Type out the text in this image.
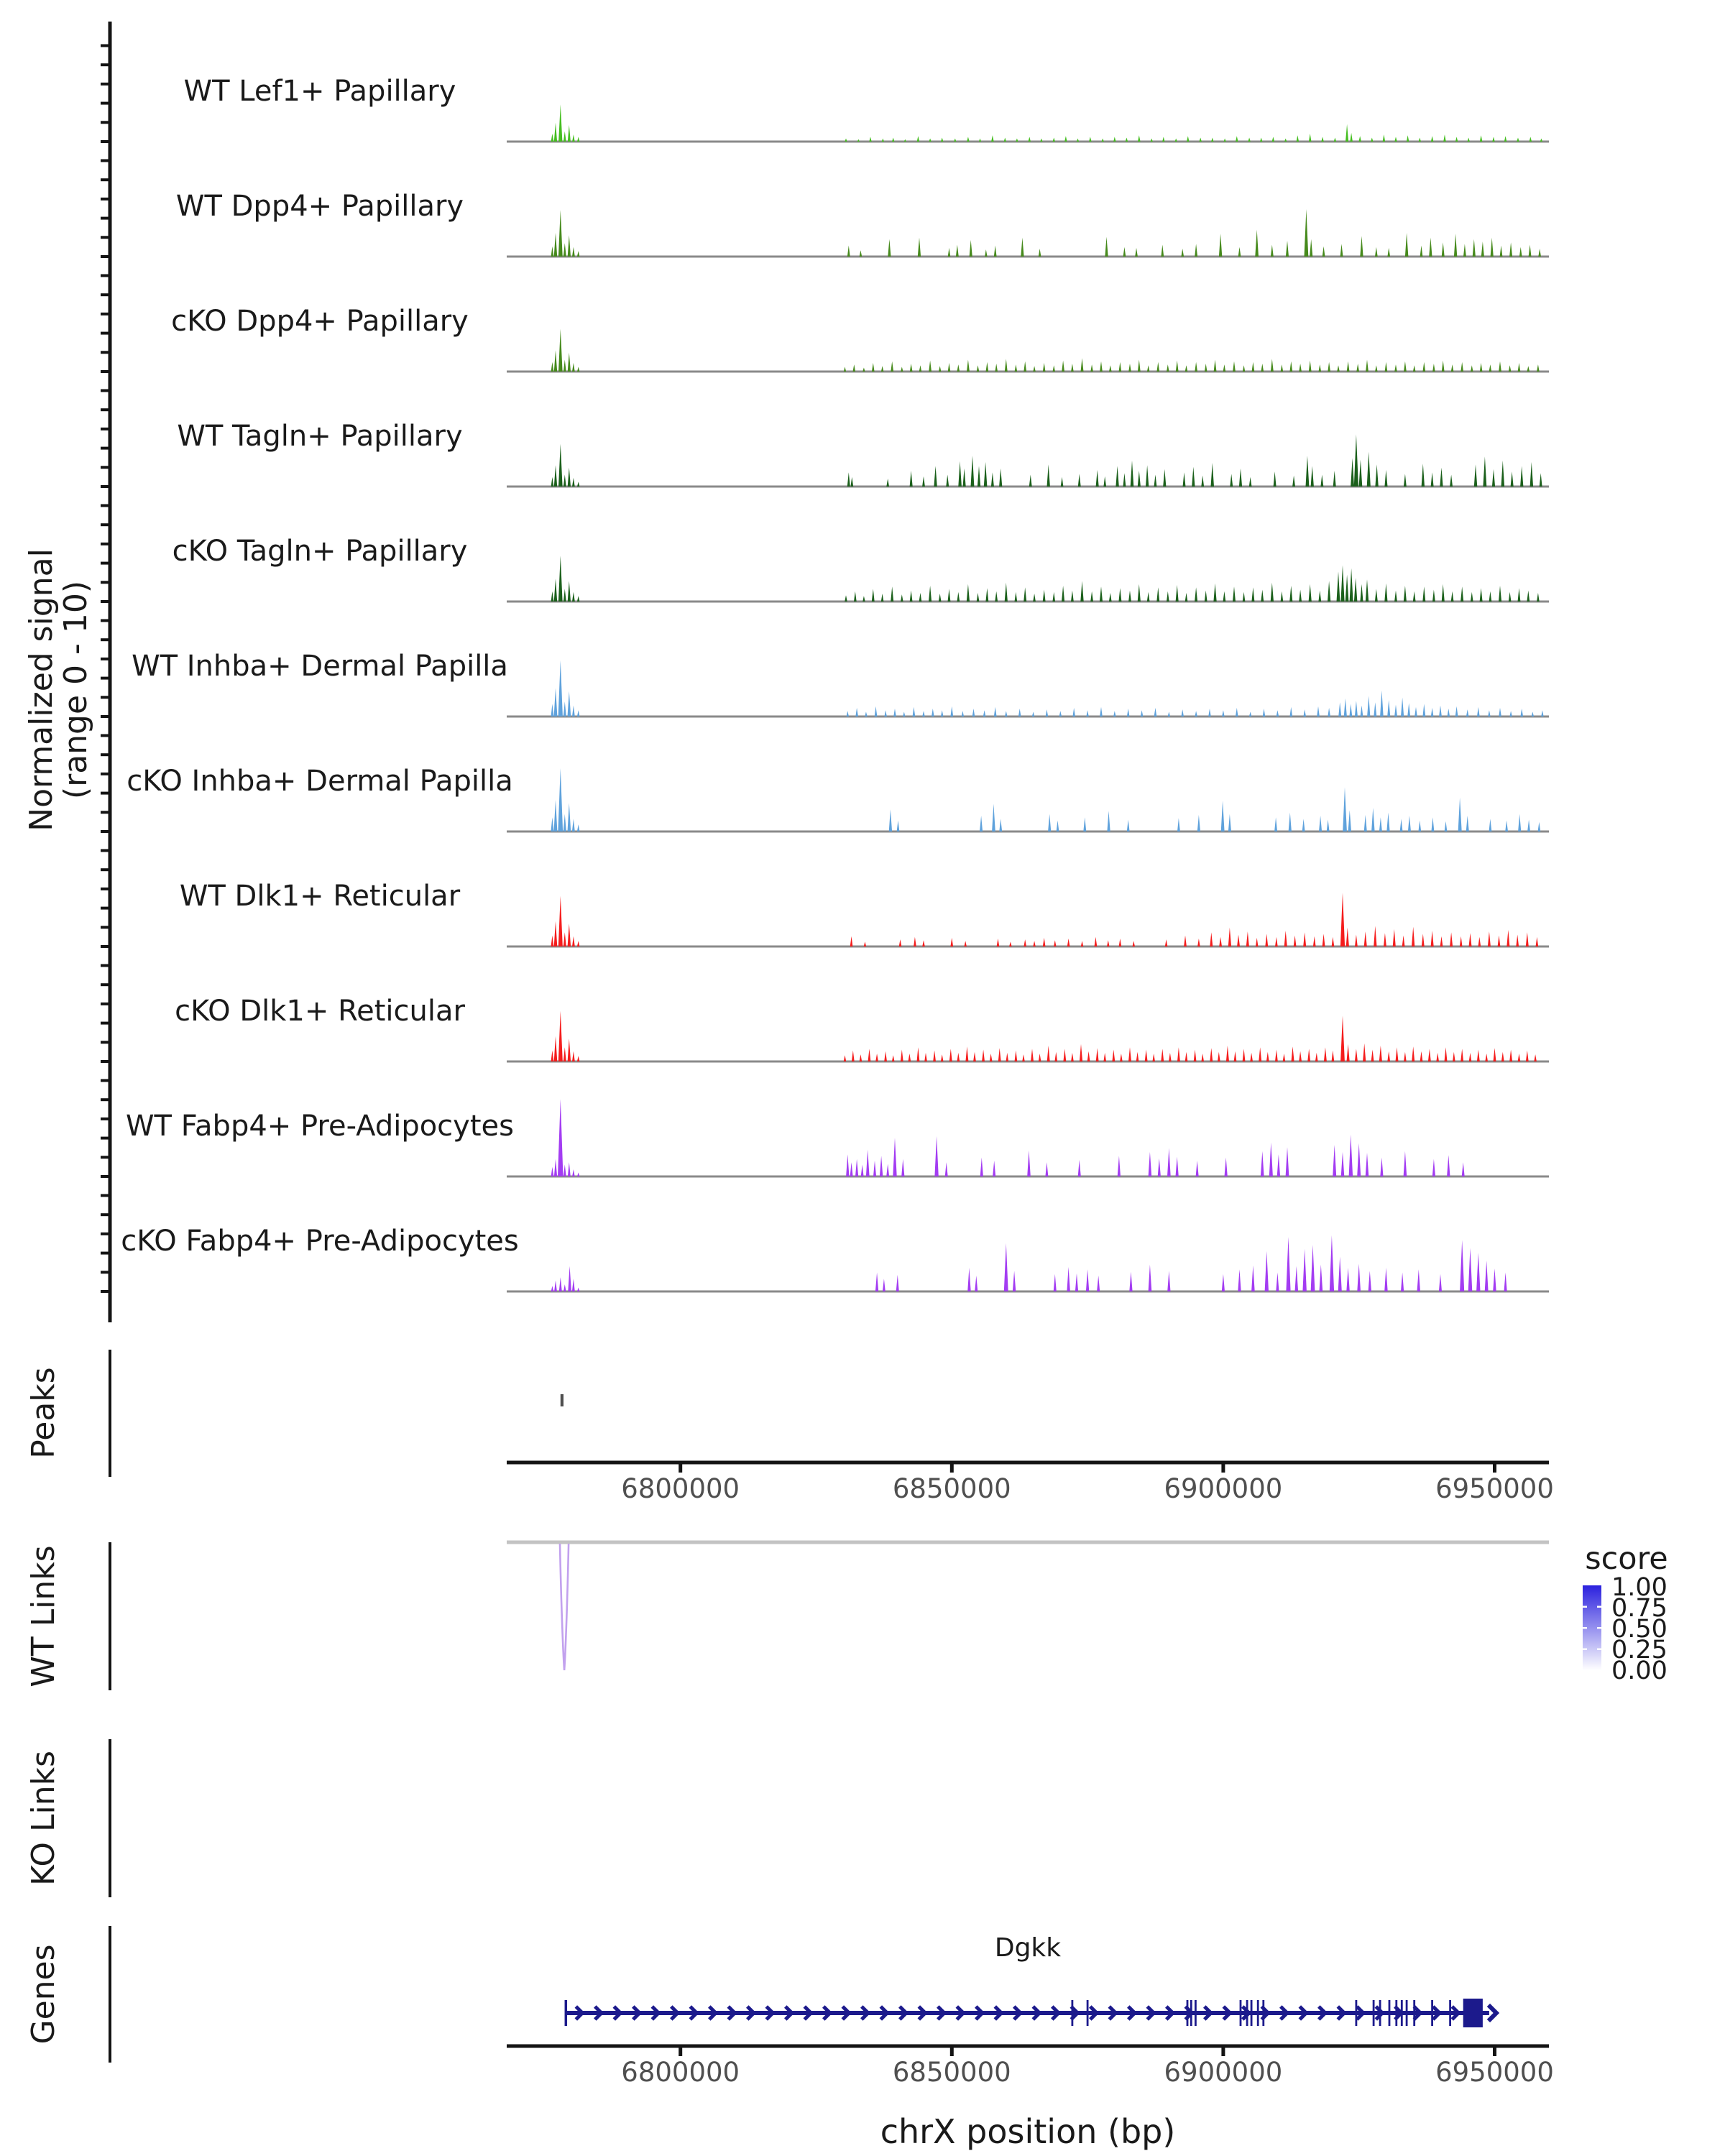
Normalized signal
(range 0 - 10)
WT Lef1+ Papillary
WT Dpp4+ Papillary
cKO Dpp4+ Papillary
WT Tagln+ Papillary
cKO Tagln+ Papillary
WT Inhba+ Dermal Papilla
cKO Inhba+ Dermal Papilla
WT Dlk1+ Reticular
cKO Dlk1+ Reticular
WT Fabp4+ Pre-Adipocytes
cKO Fabp4+ Pre-Adipocytes
Peaks
6800000	6850000	6900000	6950000
WT Links	score
1.00
0.75
0.50
0.25
0.00
KO Links
Genes	Dgkk
6800000	6850000	6900000	6950000
chrX position (bp)
